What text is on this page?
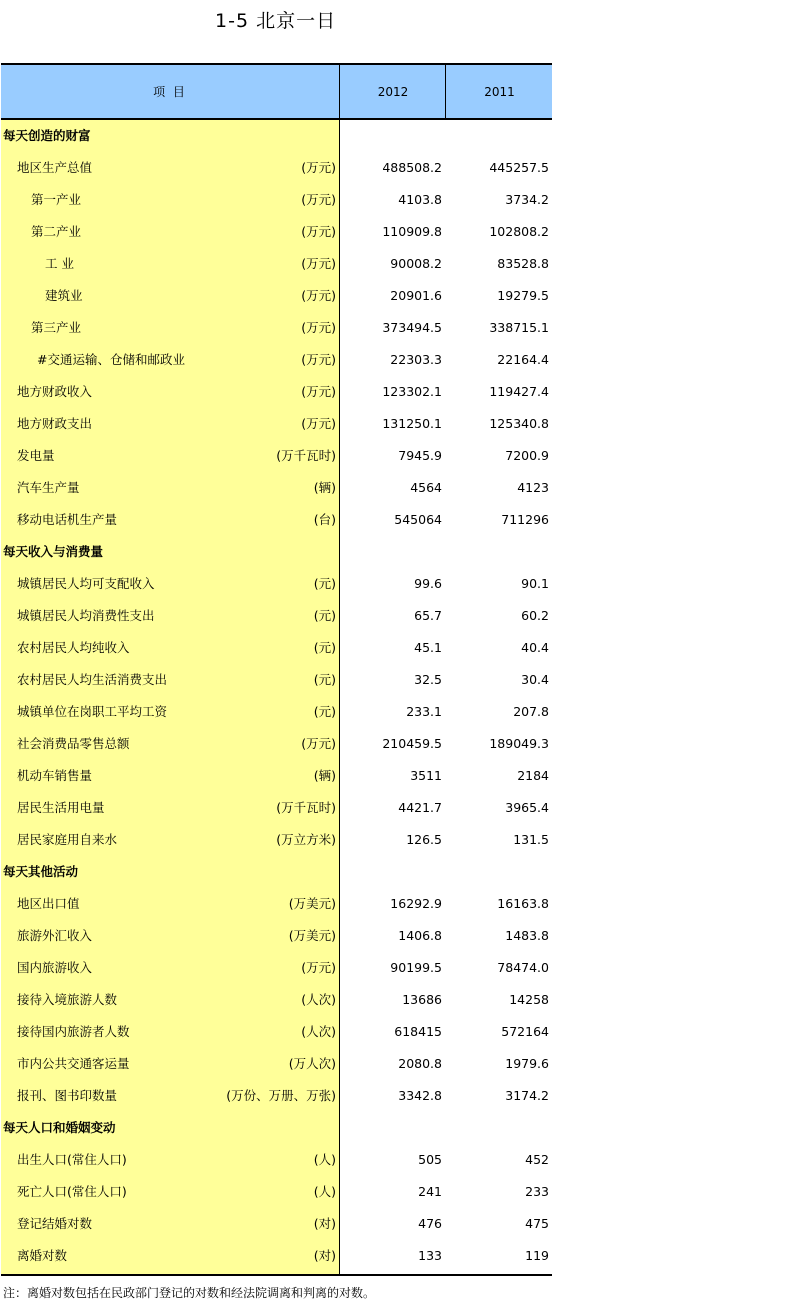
1-5 北京一日
项 目	2012	2011
每天创造的财富
地区生产总值	(万元)	488508.2	445257.5
第一产业	(万元)	4103.8	3734.2
第二产业	(万元)	110909.8	102808.2
工 业	(万元)	90008.2	83528.8
建筑业	(万元)	20901.6	19279.5
第三产业	(万元)	373494.5	338715.1
#交通运输、仓储和邮政业	(万元)	22303.3	22164.4
地方财政收入	(万元)	123302.1	119427.4
地方财政支出	(万元)	131250.1	125340.8
发电量	(万千瓦时)	7945.9	7200.9
汽车生产量	(辆)	4564	4123
移动电话机生产量	(台)	545064	711296
每天收入与消费量
城镇居民人均可支配收入	(元)	99.6	90.1
城镇居民人均消费性支出	(元)	65.7	60.2
农村居民人均纯收入	(元)	45.1	40.4
农村居民人均生活消费支出	(元)	32.5	30.4
城镇单位在岗职工平均工资	(元)	233.1	207.8
社会消费品零售总额	(万元)	210459.5	189049.3
机动车销售量	(辆)	3511	2184
居民生活用电量	(万千瓦时)	4421.7	3965.4
居民家庭用自来水	(万立方米)	126.5	131.5
每天其他活动
地区出口值	(万美元)	16292.9	16163.8
旅游外汇收入	(万美元)	1406.8	1483.8
国内旅游收入	(万元)	90199.5	78474.0
接待入境旅游人数	(人次)	13686	14258
接待国内旅游者人数	(人次)	618415	572164
市内公共交通客运量	(万人次)	2080.8	1979.6
报刊、图书印数量	(万份、万册、万张)	3342.8	3174.2
每天人口和婚姻变动
出生人口(常住人口)	(人)	505	452
死亡人口(常住人口)	(人)	241	233
登记结婚对数	(对)	476	475
离婚对数	(对)	133	119
注：离婚对数包括在民政部门登记的对数和经法院调离和判离的对数。
